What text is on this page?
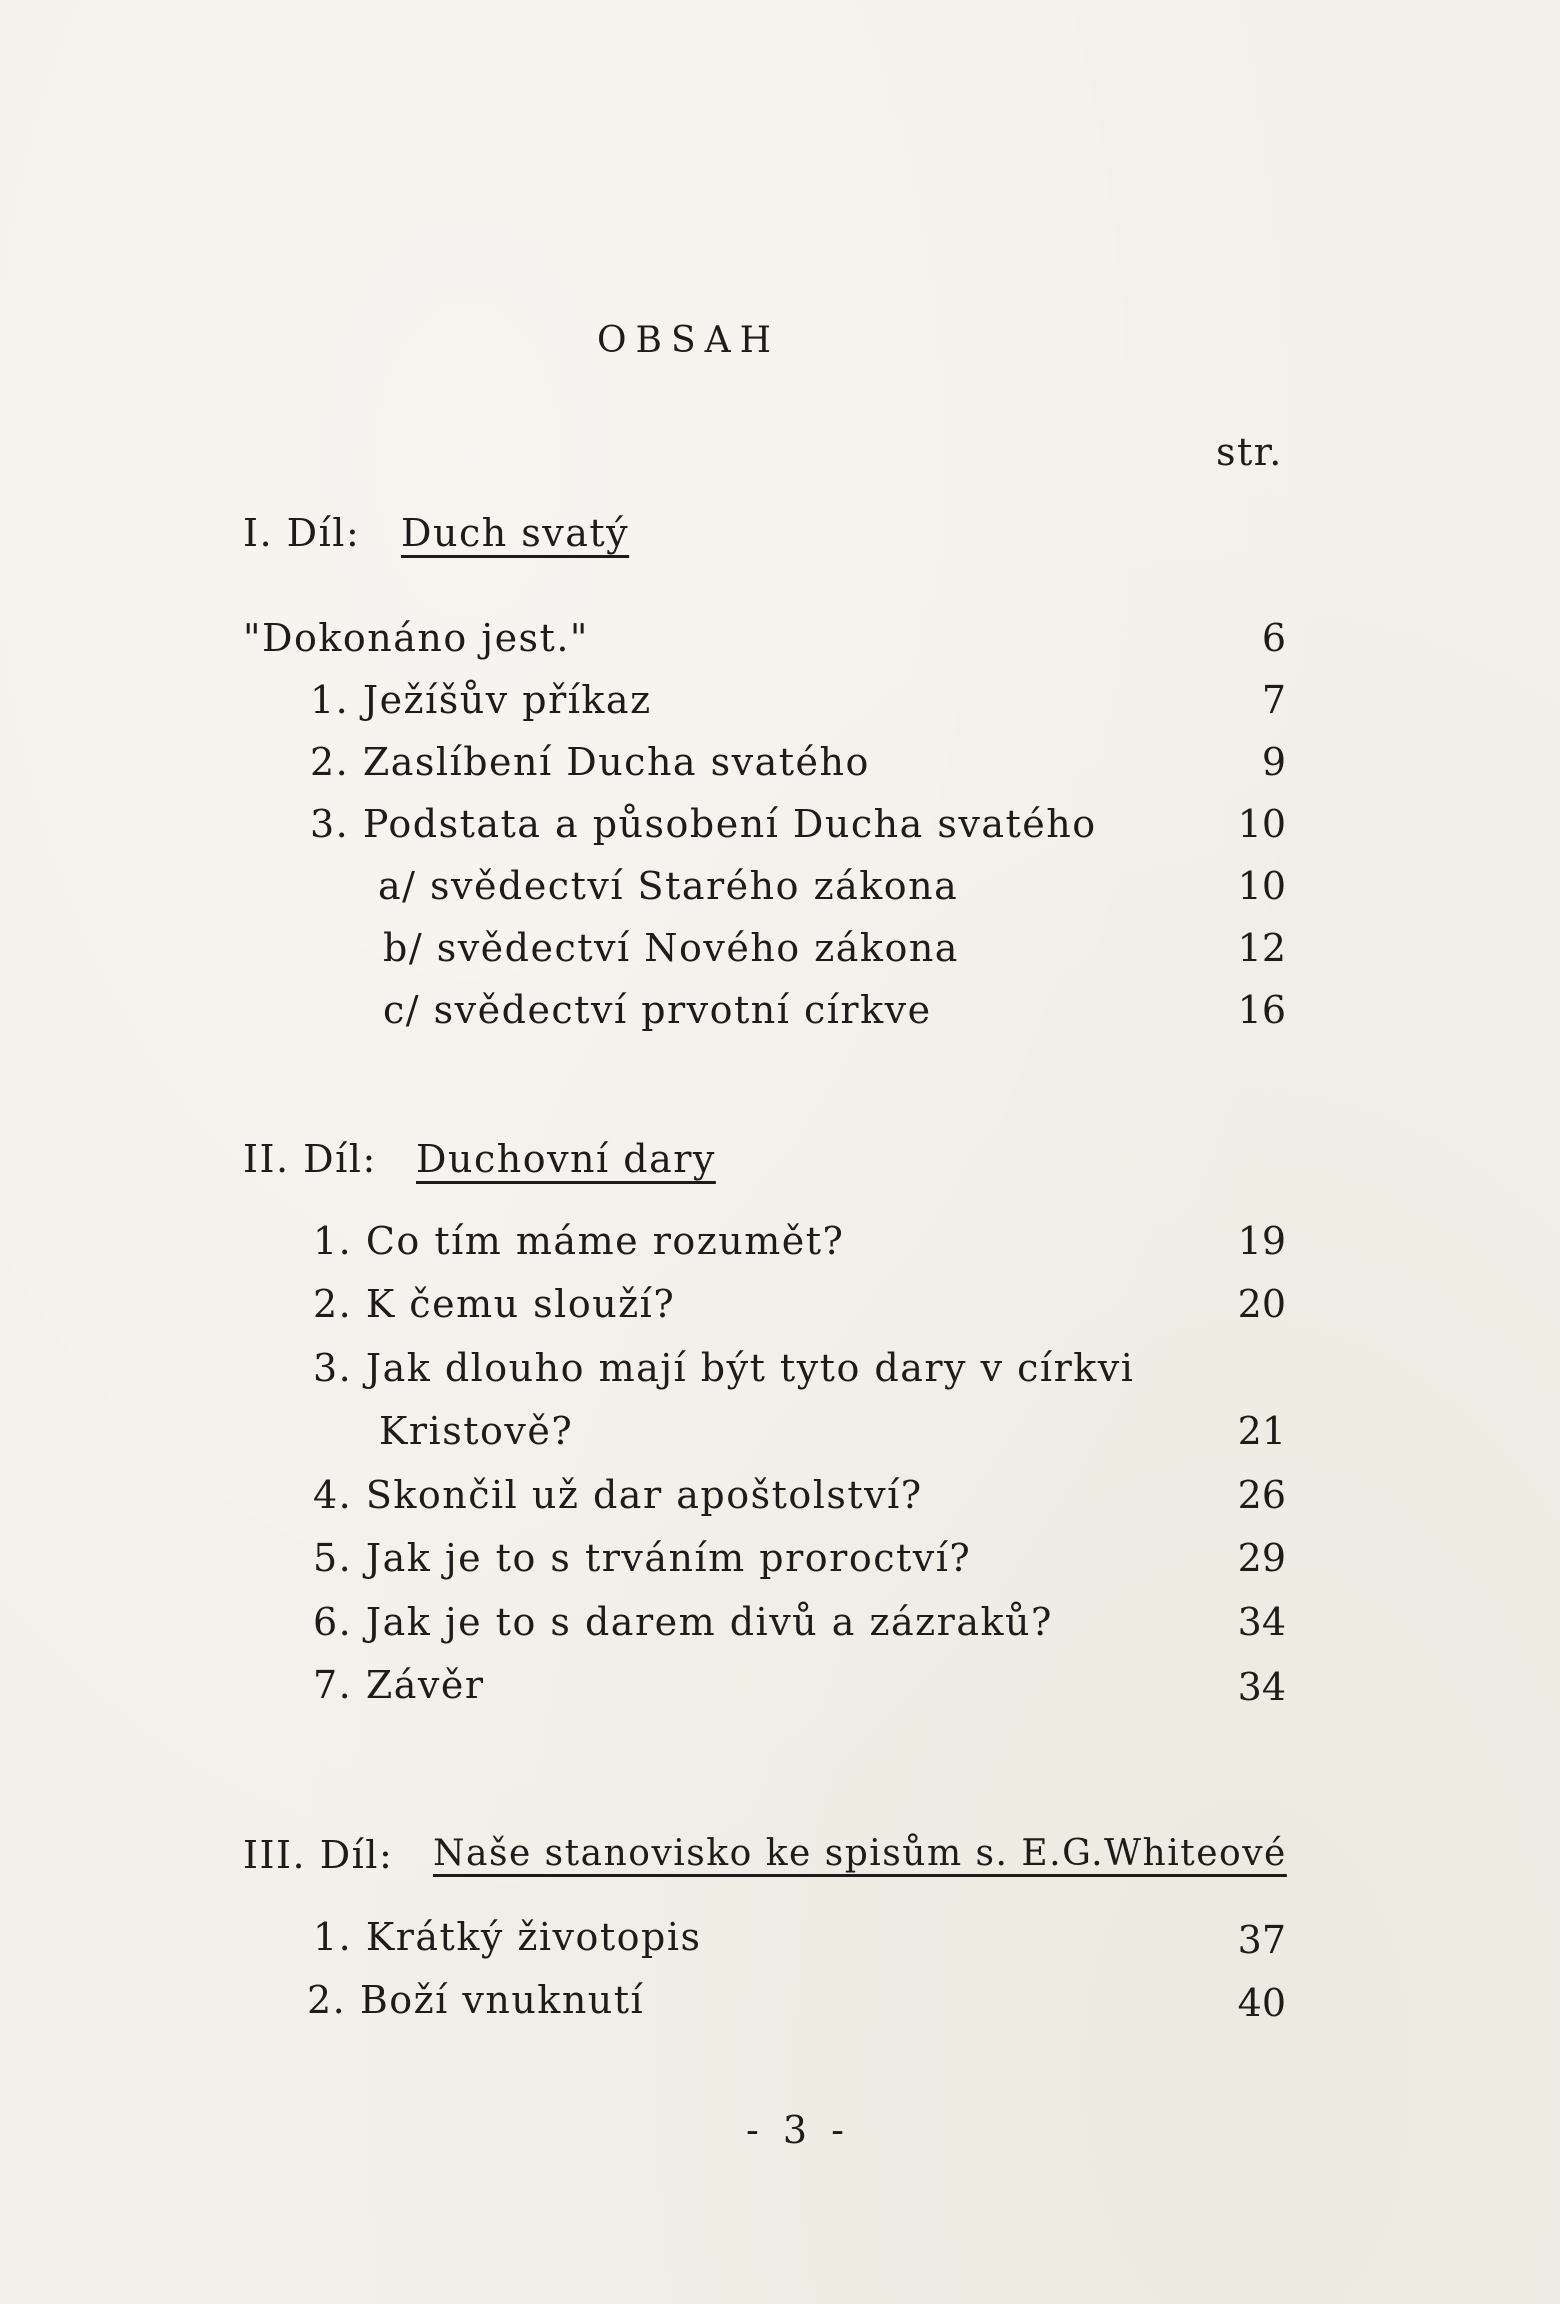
OBSAH
str.
I. Díl: Duch svatý
"Dokonáno jest."	6
1. Ježíšův příkaz	7
2. Zaslíbení Ducha svatého	9
3. Podstata a působení Ducha svatého	10
a/ svědectví Starého zákona	10
b/ svědectví Nového zákona	12
c/ svědectví prvotní církve	16
II. Díl: Duchovní dary
1. Co tím máme rozumět?	19
2. K čemu slouží?	20
3. Jak dlouho mají být tyto dary v církvi
Kristově?	21
4. Skončil už dar apoštolství?	26
5. Jak je to s trváním proroctví?	29
6. Jak je to s darem divů a zázraků?	34
7. Závěr	34
III. Díl: Naše stanovisko ke spisům s. E.G.Whiteové
1. Krátký životopis	37
2. Boží vnuknutí	40
- 3 -
